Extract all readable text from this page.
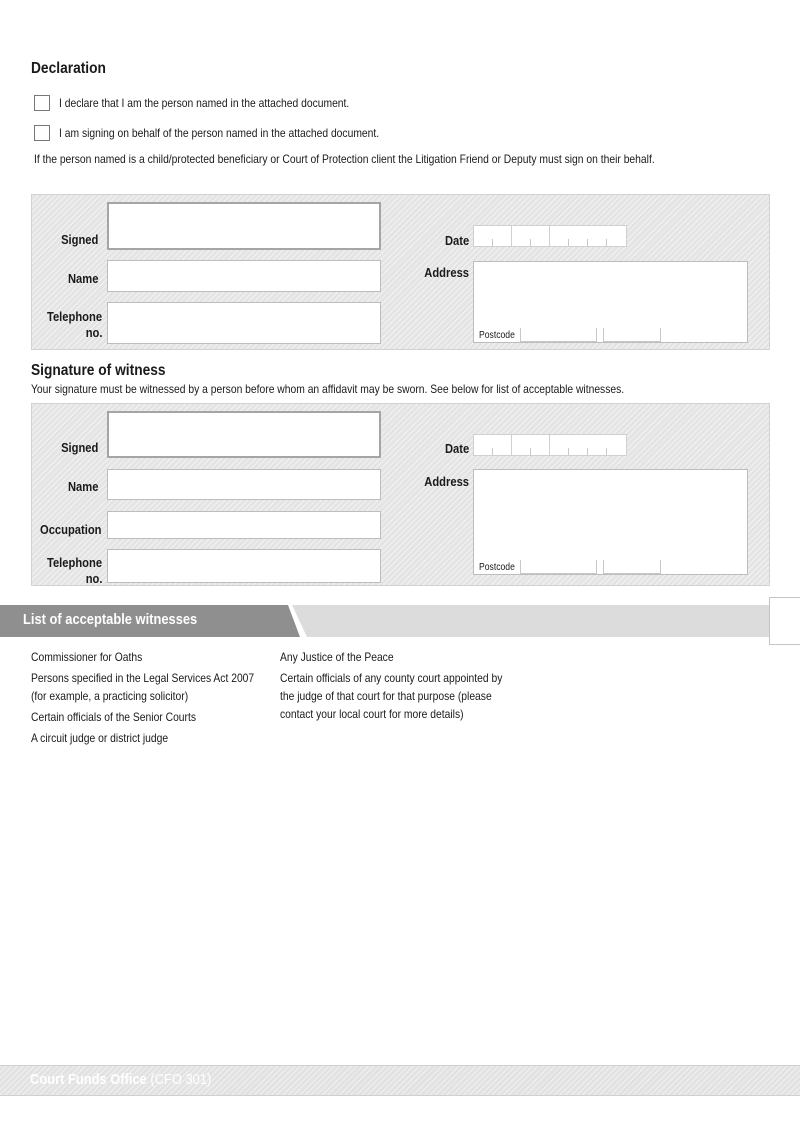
Declaration
I declare that I am the person named in the attached document.
I am signing on behalf of the person named in the attached document.
If the person named is a child/protected beneficiary or Court of Protection client the Litigation Friend or Deputy must sign on their behalf.
Signed
Name
Telephone
no.
Date
Address
Postcode
Signature of witness
Your signature must be witnessed by a person before whom an affidavit may be sworn. See below for list of acceptable witnesses.
Signed
Name
Occupation
Telephone
no.
Date
Address
Postcode
List of acceptable witnesses
Commissioner for Oaths
Persons specified in the Legal Services Act 2007
(for example, a practicing solicitor)
Certain officials of the Senior Courts
A circuit judge or district judge
Any Justice of the Peace
Certain officials of any county court appointed by
the judge of that court for that purpose (please
contact your local court for more details)
Court Funds Office (CFO 301)
